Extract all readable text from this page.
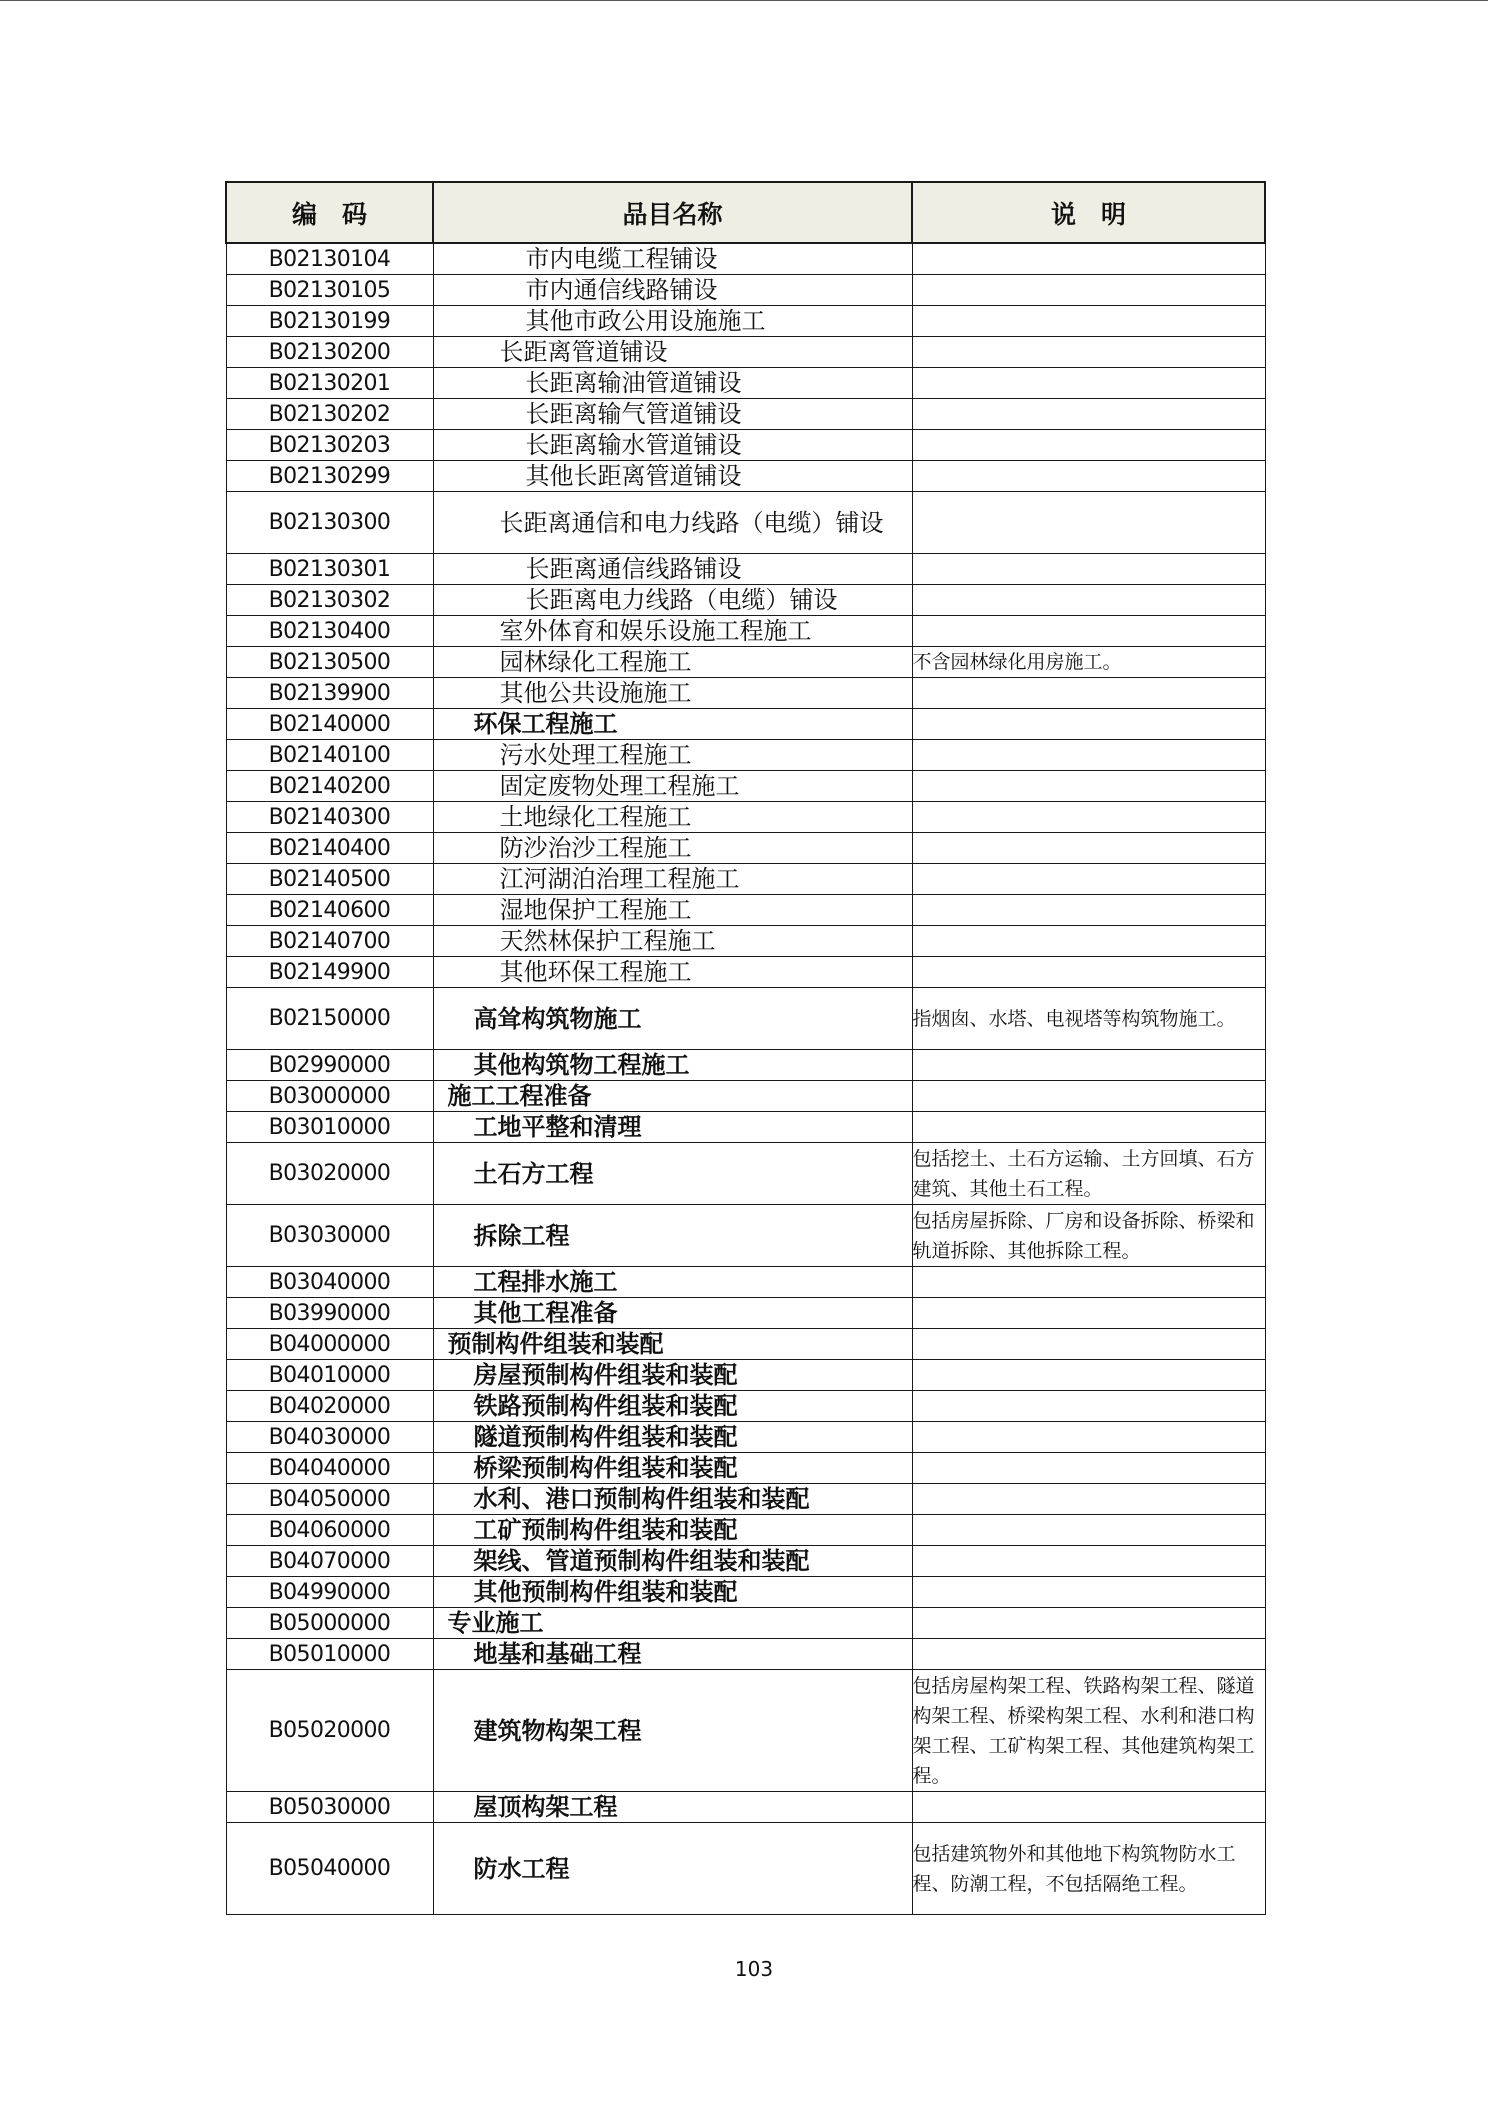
编　码	品目名称	说　明
B02130104	市内电缆工程铺设	
B02130105	市内通信线路铺设	
B02130199	其他市政公用设施施工	
B02130200	长距离管道铺设	
B02130201	长距离输油管道铺设	
B02130202	长距离输气管道铺设	
B02130203	长距离输水管道铺设	
B02130299	其他长距离管道铺设	
B02130300	长距离通信和电力线路（电缆）铺设	
B02130301	长距离通信线路铺设	
B02130302	长距离电力线路（电缆）铺设	
B02130400	室外体育和娱乐设施工程施工	
B02130500	园林绿化工程施工	不含园林绿化用房施工。
B02139900	其他公共设施施工	
B02140000	环保工程施工	
B02140100	污水处理工程施工	
B02140200	固定废物处理工程施工	
B02140300	土地绿化工程施工	
B02140400	防沙治沙工程施工	
B02140500	江河湖泊治理工程施工	
B02140600	湿地保护工程施工	
B02140700	天然林保护工程施工	
B02149900	其他环保工程施工	
B02150000	高耸构筑物施工	指烟囱、水塔、电视塔等构筑物施工。
B02990000	其他构筑物工程施工	
B03000000	施工工程准备	
B03010000	工地平整和清理	
B03020000	土石方工程	包括挖土、土石方运输、土方回填、石方建筑、其他土石工程。
B03030000	拆除工程	包括房屋拆除、厂房和设备拆除、桥梁和轨道拆除、其他拆除工程。
B03040000	工程排水施工	
B03990000	其他工程准备	
B04000000	预制构件组装和装配	
B04010000	房屋预制构件组装和装配	
B04020000	铁路预制构件组装和装配	
B04030000	隧道预制构件组装和装配	
B04040000	桥梁预制构件组装和装配	
B04050000	水利、港口预制构件组装和装配	
B04060000	工矿预制构件组装和装配	
B04070000	架线、管道预制构件组装和装配	
B04990000	其他预制构件组装和装配	
B05000000	专业施工	
B05010000	地基和基础工程	
B05020000	建筑物构架工程	包括房屋构架工程、铁路构架工程、隧道构架工程、桥梁构架工程、水利和港口构架工程、工矿构架工程、其他建筑构架工程。
B05030000	屋顶构架工程	
B05040000	防水工程	包括建筑物外和其他地下构筑物防水工程、防潮工程，不包括隔绝工程。
103
